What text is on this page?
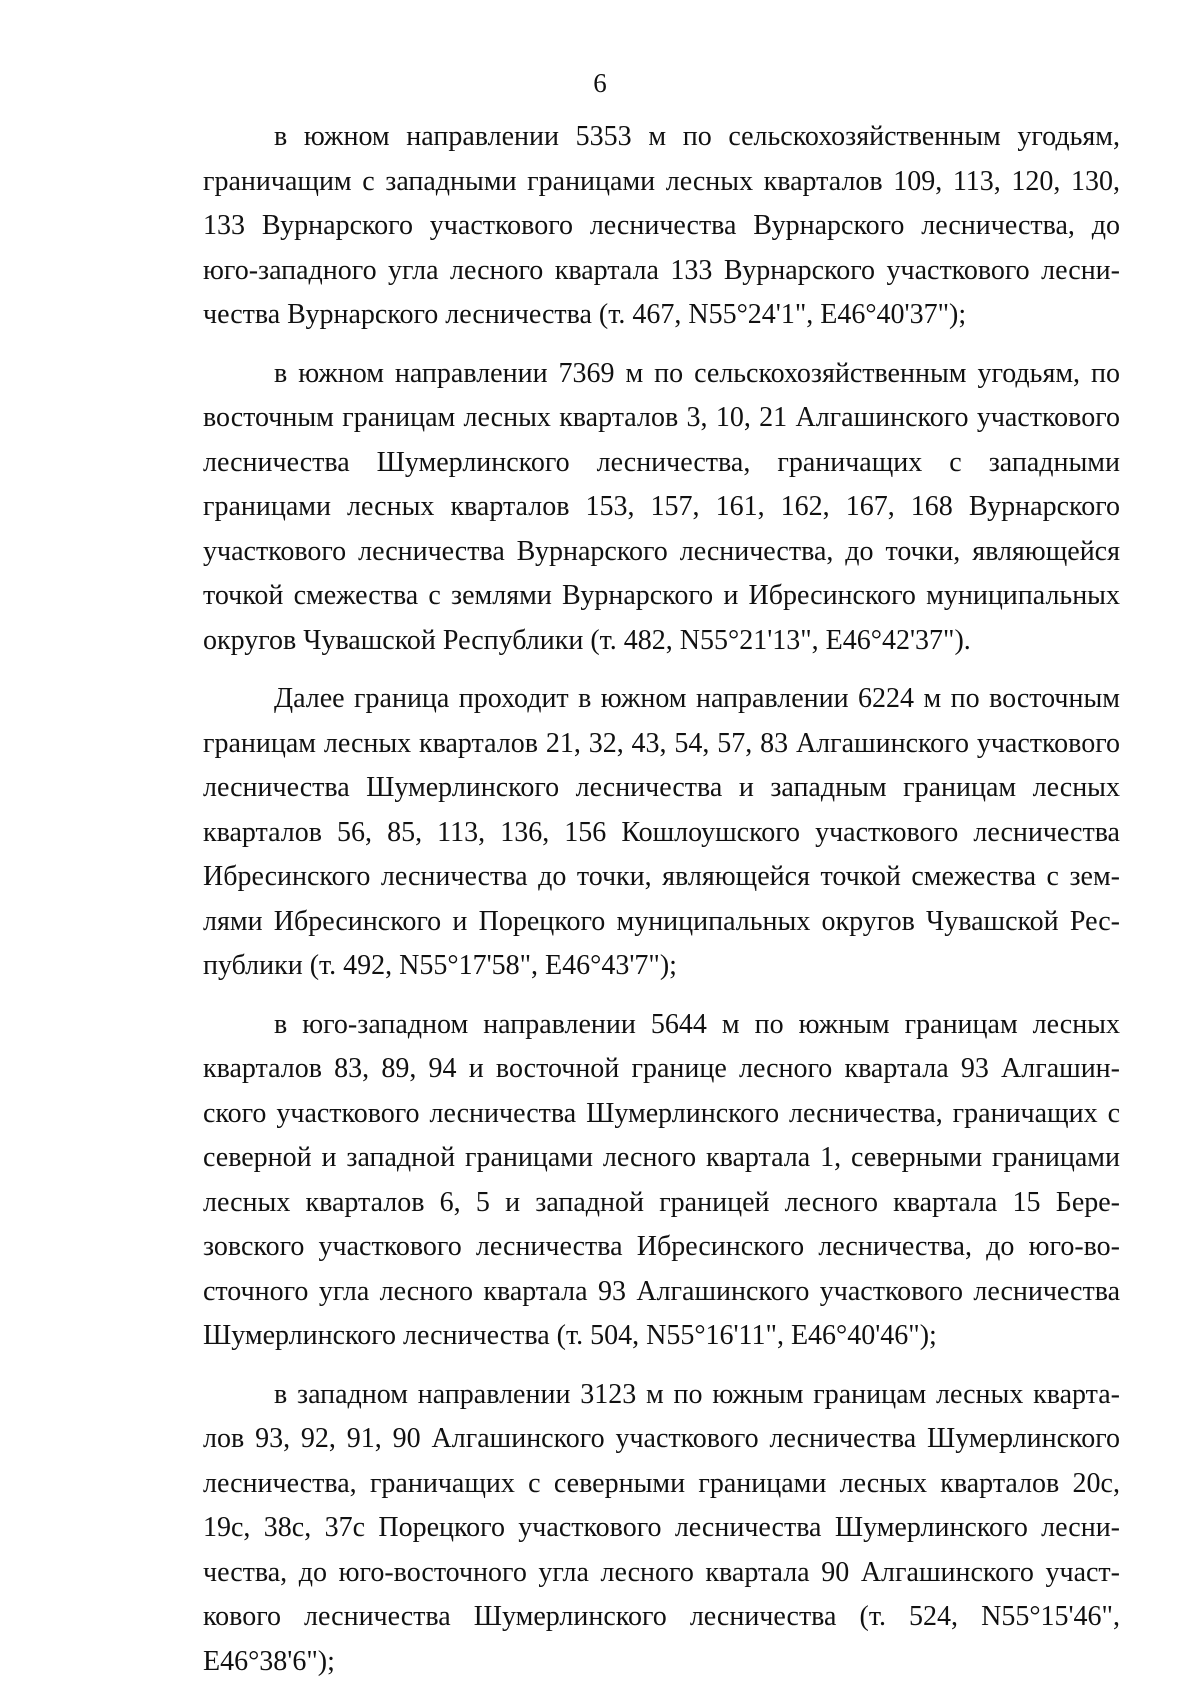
6

в южном направлении 5353 м по сельскохозяйственным угодьям, граничащим с западными границами лесных кварталов 109, 113, 120, 130, 133 Вурнарского участкового лесничества Вурнарского лесничества, до юго-западного угла лесного квартала 133 Вурнарского участкового лесничества Вурнарского лесничества (т. 467, N55°24'1", E46°40'37");

в южном направлении 7369 м по сельскохозяйственным угодьям, по восточным границам лесных кварталов 3, 10, 21 Алгашинского участкового лесничества Шумерлинского лесничества, граничащих с западными границами лесных кварталов 153, 157, 161, 162, 167, 168 Вурнарского участкового лесничества Вурнарского лесничества, до точки, являющейся точкой смежества с землями Вурнарского и Ибресинского муниципальных округов Чувашской Республики (т. 482, N55°21'13", E46°42'37").

Далее граница проходит в южном направлении 6224 м по восточным границам лесных кварталов 21, 32, 43, 54, 57, 83 Алгашинского участкового лесничества Шумерлинского лесничества и западным границам лесных кварталов 56, 85, 113, 136, 156 Кошлоушского участкового лесничества Ибресинского лесничества до точки, являющейся точкой смежества с землями Ибресинского и Порецкого муниципальных округов Чувашской Республики (т. 492, N55°17'58", E46°43'7");

в юго-западном направлении 5644 м по южным границам лесных кварталов 83, 89, 94 и восточной границе лесного квартала 93 Алгашинского участкового лесничества Шумерлинского лесничества, граничащих с северной и западной границами лесного квартала 1, северными границами лесных кварталов 6, 5 и западной границей лесного квартала 15 Березовского участкового лесничества Ибресинского лесничества, до юго-восточного угла лесного квартала 93 Алгашинского участкового лесничества Шумерлинского лесничества (т. 504, N55°16'11", E46°40'46");

в западном направлении 3123 м по южным границам лесных кварталов 93, 92, 91, 90 Алгашинского участкового лесничества Шумерлинского лесничества, граничащих с северными границами лесных кварталов 20с, 19с, 38с, 37с Порецкого участкового лесничества Шумерлинского лесничества, до юго-восточного угла лесного квартала 90 Алгашинского участкового лесничества Шумерлинского лесничества (т. 524, N55°15'46", E46°38'6");
